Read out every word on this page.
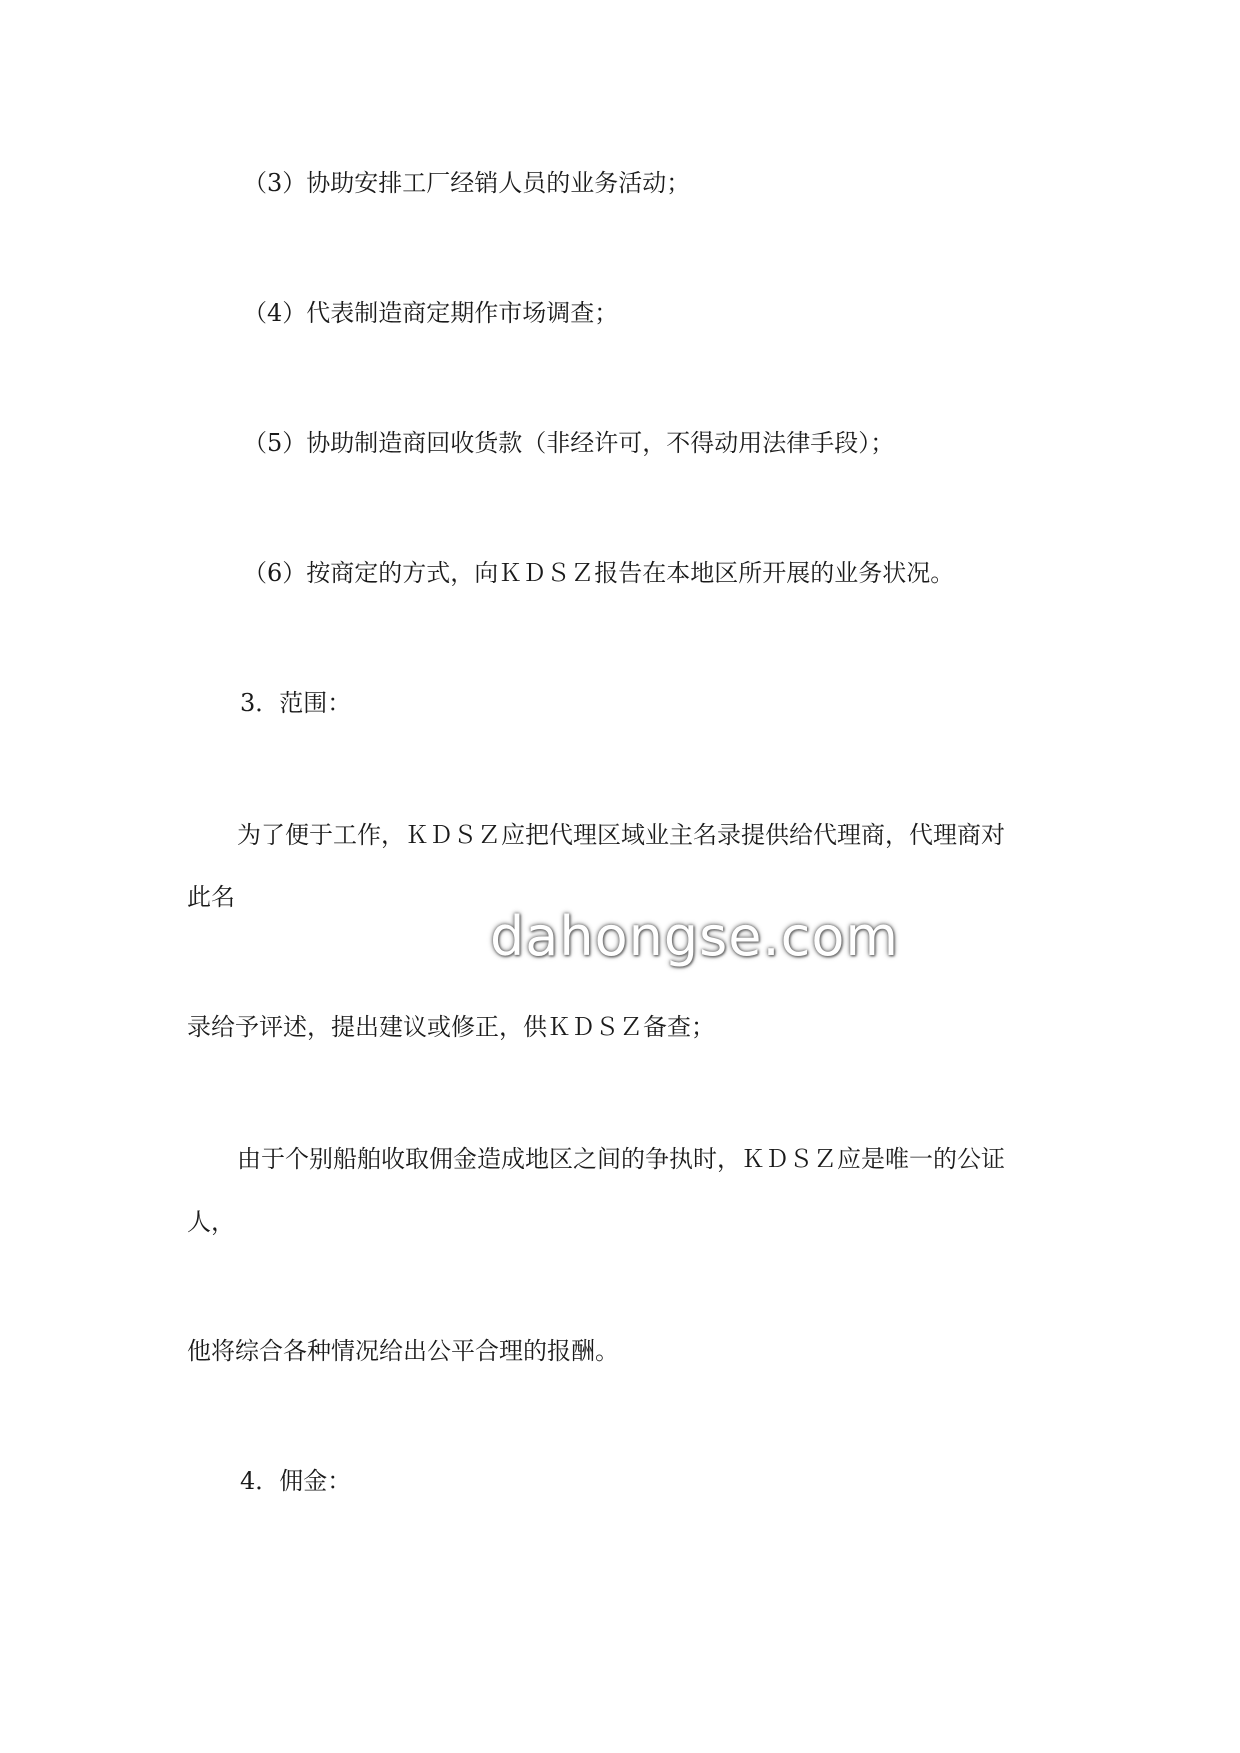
（3）协助安排工厂经销人员的业务活动；
（4）代表制造商定期作市场调查；
（5）协助制造商回收货款（非经许可，不得动用法律手段）；
（6）按商定的方式，向ＫＤＳＺ报告在本地区所开展的业务状况。
3．范围：
为了便于工作，ＫＤＳＺ应把代理区域业主名录提供给代理商，代理商对
此名
dahongse.com
录给予评述，提出建议或修正，供ＫＤＳＺ备查；
由于个别船舶收取佣金造成地区之间的争执时，ＫＤＳＺ应是唯一的公证
人，
他将综合各种情况给出公平合理的报酬。
4．佣金：
